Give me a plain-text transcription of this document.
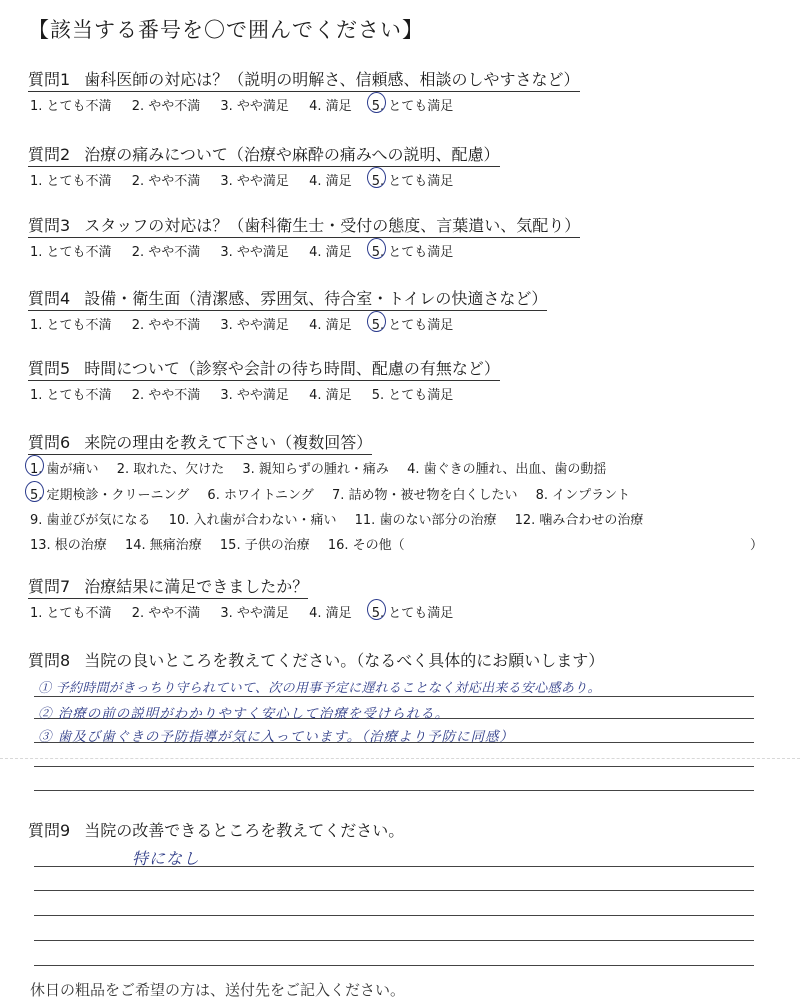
【該当する番号を〇で囲んでください】
質問1 歯科医師の対応は？（説明の明解さ、信頼感、相談のしやすさなど）
1. とても不満 2. やや不満 3. やや満足 4. 満足 5. とても満足
質問2 治療の痛みについて（治療や麻酔の痛みへの説明、配慮）
1. とても不満 2. やや不満 3. やや満足 4. 満足 5. とても満足
質問3 スタッフの対応は？（歯科衛生士・受付の態度、言葉遣い、気配り）
1. とても不満 2. やや不満 3. やや満足 4. 満足 5. とても満足
質問4 設備・衛生面（清潔感、雰囲気、待合室・トイレの快適さなど）
1. とても不満 2. やや不満 3. やや満足 4. 満足 5. とても満足
質問5 時間について（診察や会計の待ち時間、配慮の有無など）
1. とても不満 2. やや不満 3. やや満足 4. 満足 5. とても満足
質問6 来院の理由を教えて下さい（複数回答）
1. 歯が痛い 2. 取れた、欠けた 3. 親知らずの腫れ・痛み 4. 歯ぐきの腫れ、出血、歯の動揺
5. 定期検診・クリーニング 6. ホワイトニング 7. 詰め物・被せ物を白くしたい 8. インプラント
9. 歯並びが気になる 10. 入れ歯が合わない・痛い 11. 歯のない部分の治療 12. 噛み合わせの治療
13. 根の治療 14. 無痛治療 15. 子供の治療 16. その他（	）
質問7 治療結果に満足できましたか？
1. とても不満 2. やや不満 3. やや満足 4. 満足 5. とても満足
質問8 当院の良いところを教えてください。（なるべく具体的にお願いします）
① 予約時間がきっちり守られていて、次の用事予定に遅れることなく対応出来る安心感あり。
② 治療の前の説明がわかりやすく安心して治療を受けられる。
③ 歯及び歯ぐきの予防指導が気に入っています。（治療より予防に同感）
質問9 当院の改善できるところを教えてください。
特になし
休日の粗品をご希望の方は、送付先をご記入ください。
